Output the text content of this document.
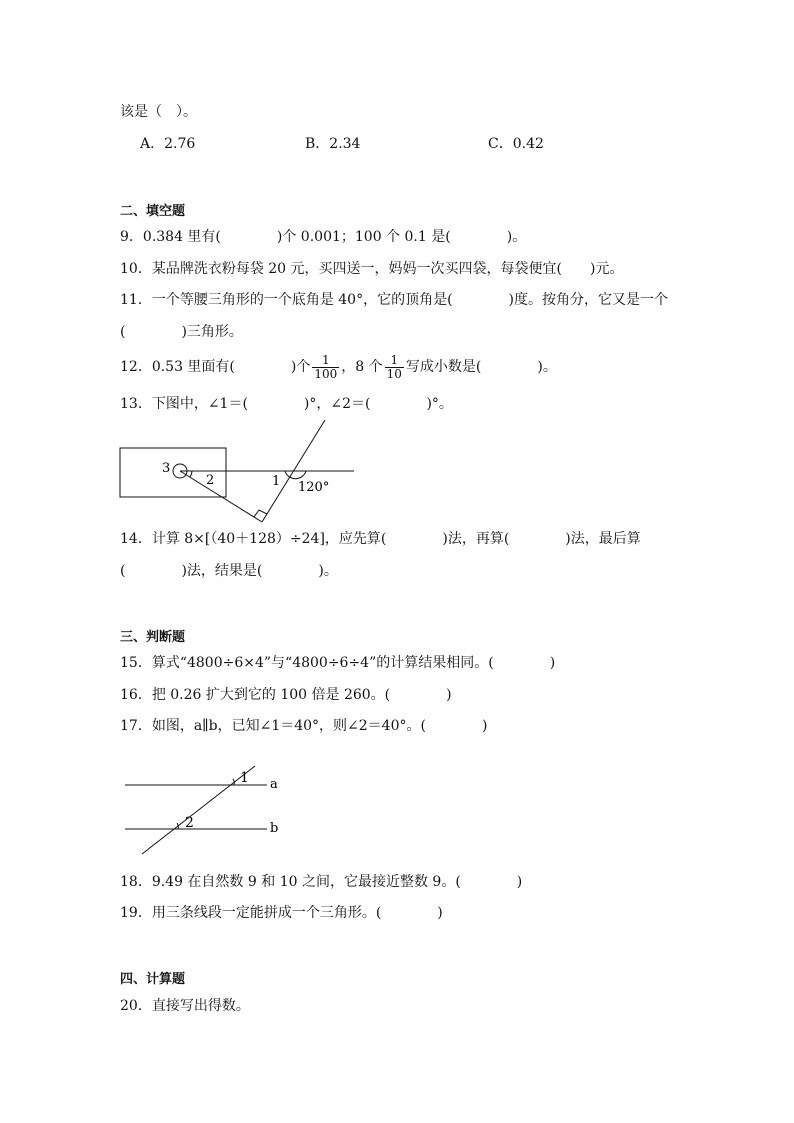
该是（　）。
A．2.76	B．2.34	C．0.42
二、填空题
9．0.384 里有(　　　　)个 0.001；100 个 0.1 是(　　　　)。
10．某品牌洗衣粉每袋 20 元，买四送一，妈妈一次买四袋，每袋便宜(　　)元。
11．一个等腰三角形的一个底角是 40°，它的顶角是(　　　　)度。按角分，它又是一个
(　　　　)三角形。
12．0.53 里面有(　　　　)个 $\frac{1}{100}$ ，8 个 $\frac{1}{10}$ 写成小数是(　　　　)。
13．下图中，∠1＝(　　　　)°，∠2＝(　　　　)°。
3
2	1 120°
14．计算 8×[（40＋128）÷24]，应先算(　　　　)法，再算(　　　　)法，最后算
(　　　　)法，结果是(　　　　)。
三、判断题
15．算式“4800÷6×4”与“4800÷6÷4”的计算结果相同。(　　　　)
16．把 0.26 扩大到它的 100 倍是 260。(　　　　)
17．如图，a∥b，已知∠1＝40°，则∠2＝40°。(　　　　)
1
2
a
b
18．9.49 在自然数 9 和 10 之间，它最接近整数 9。(　　　　)
19．用三条线段一定能拼成一个三角形。(　　　　)
四、计算题
20．直接写出得数。
